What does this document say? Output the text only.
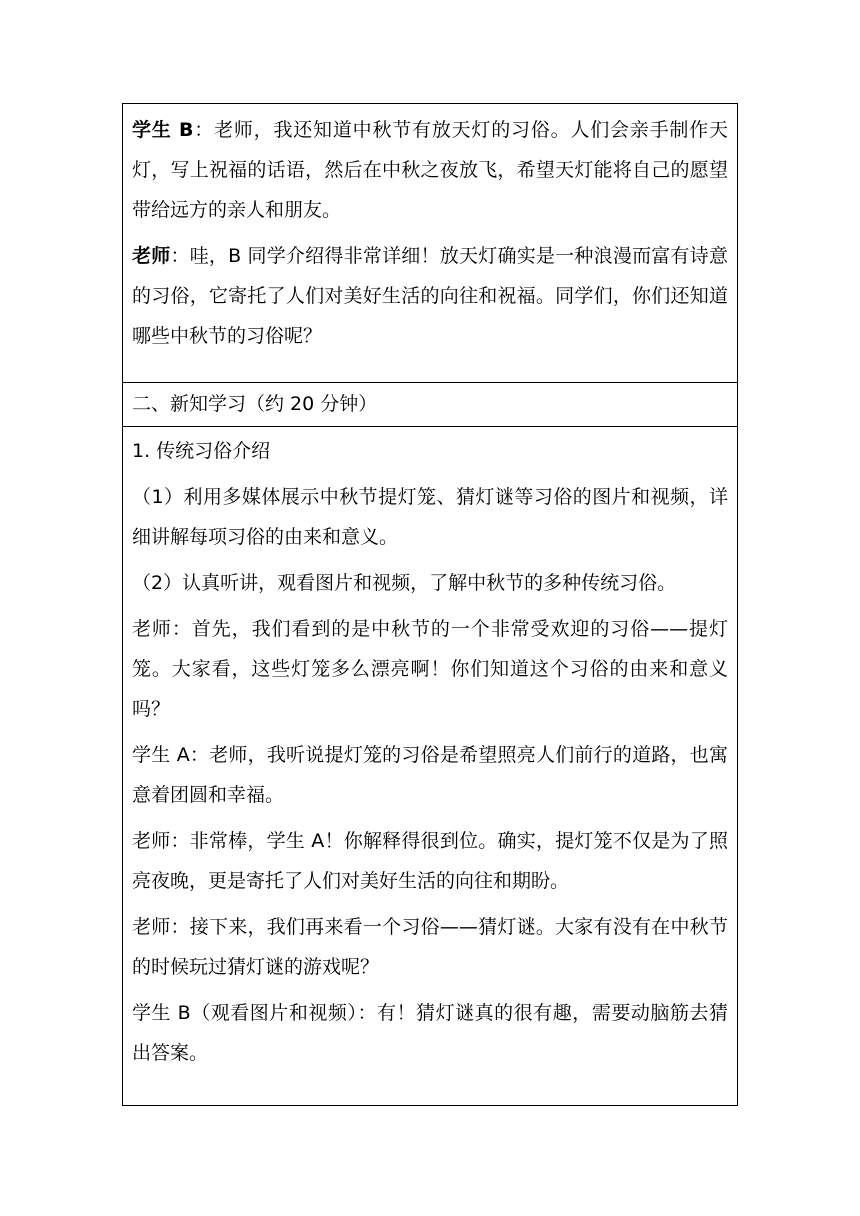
学生 B：老师，我还知道中秋节有放天灯的习俗。人们会亲手制作天灯，写上祝福的话语，然后在中秋之夜放飞，希望天灯能将自己的愿望带给远方的亲人和朋友。

老师：哇，B 同学介绍得非常详细！放天灯确实是一种浪漫而富有诗意的习俗，它寄托了人们对美好生活的向往和祝福。同学们，你们还知道哪些中秋节的习俗呢？

二、新知学习（约 20 分钟）

1. 传统习俗介绍

（1）利用多媒体展示中秋节提灯笼、猜灯谜等习俗的图片和视频，详细讲解每项习俗的由来和意义。

（2）认真听讲，观看图片和视频，了解中秋节的多种传统习俗。

老师：首先，我们看到的是中秋节的一个非常受欢迎的习俗——提灯笼。大家看，这些灯笼多么漂亮啊！你们知道这个习俗的由来和意义吗？

学生 A：老师，我听说提灯笼的习俗是希望照亮人们前行的道路，也寓意着团圆和幸福。

老师：非常棒，学生 A！你解释得很到位。确实，提灯笼不仅是为了照亮夜晚，更是寄托了人们对美好生活的向往和期盼。

老师：接下来，我们再来看一个习俗——猜灯谜。大家有没有在中秋节的时候玩过猜灯谜的游戏呢？

学生 B（观看图片和视频）：有！猜灯谜真的很有趣，需要动脑筋去猜出答案。
